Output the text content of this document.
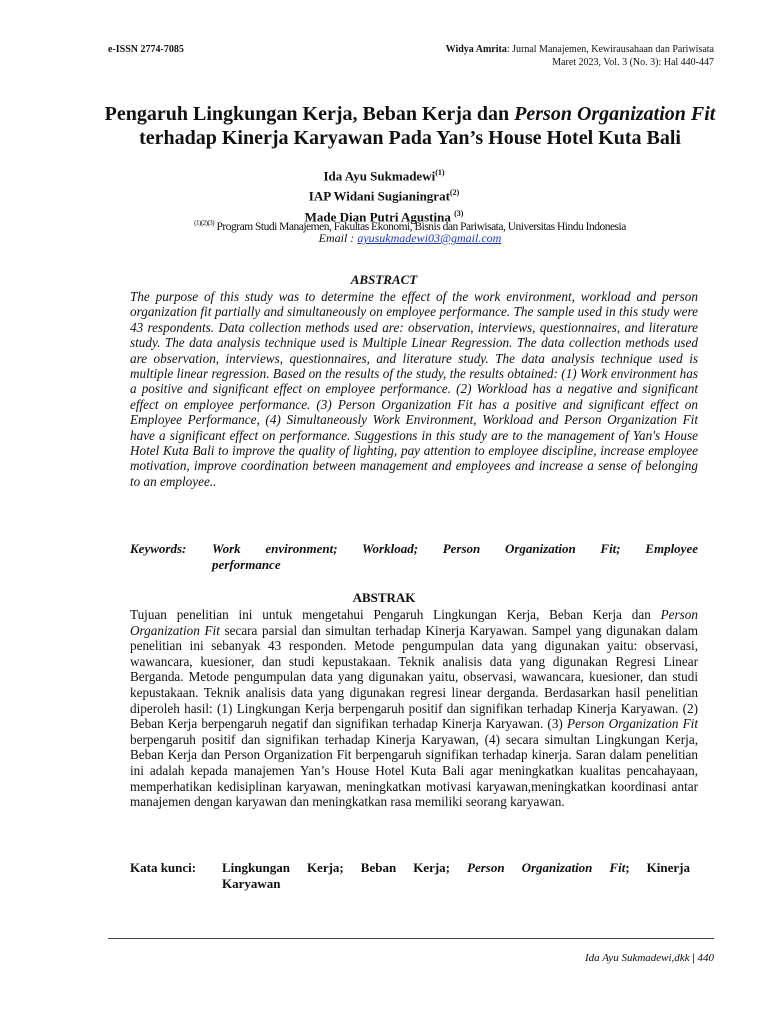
e-ISSN 2774-7085	Widya Amrita: Jurnal Manajemen, Kewirausahaan dan Pariwisata
Maret 2023, Vol. 3 (No. 3): Hal 440-447
Pengaruh Lingkungan Kerja, Beban Kerja dan Person Organization Fit terhadap Kinerja Karyawan Pada Yan’s House Hotel Kuta Bali
Ida Ayu Sukmadewi$^{(1)}$
IAP Widani Sugianingrat$^{(2)}$
Made Dian Putri Agustina $^{(3)}$
$^{(1)(2)(3)}$ Program Studi Manajemen, Fakultas Ekonomi, Bisnis dan Pariwisata, Universitas Hindu Indonesia
Email : ayusukmadewi03@gmail.com
ABSTRACT
The purpose of this study was to determine the effect of the work environment, workload and person organization fit partially and simultaneously on employee performance. The sample used in this study were 43 respondents. Data collection methods used are: observation, interviews, questionnaires, and literature study. The data analysis technique used is Multiple Linear Regression. The data collection methods used are observation, interviews, questionnaires, and literature study. The data analysis technique used is multiple linear regression. Based on the results of the study, the results obtained: (1) Work environment has a positive and significant effect on employee performance. (2) Workload has a negative and significant effect on employee performance. (3) Person Organization Fit has a positive and significant effect on Employee Performance, (4) Simultaneously Work Environment, Workload and Person Organization Fit have a significant effect on performance. Suggestions in this study are to the management of Yan's House Hotel Kuta Bali to improve the quality of lighting, pay attention to employee discipline, increase employee motivation, improve coordination between management and employees and increase a sense of belonging to an employee..
Keywords:	Work environment; Workload; Person Organization Fit; Employee
performance
ABSTRAK
Tujuan penelitian ini untuk mengetahui Pengaruh Lingkungan Kerja, Beban Kerja dan Person Organization Fit secara parsial dan simultan terhadap Kinerja Karyawan. Sampel yang digunakan dalam penelitian ini sebanyak 43 responden. Metode pengumpulan data yang digunakan yaitu: observasi, wawancara, kuesioner, dan studi kepustakaan. Teknik analisis data yang digunakan Regresi Linear Berganda. Metode pengumpulan data yang digunakan yaitu, observasi, wawancara, kuesioner, dan studi kepustakaan. Teknik analisis data yang digunakan regresi linear derganda. Berdasarkan hasil penelitian diperoleh hasil: (1) Lingkungan Kerja berpengaruh positif dan signifikan terhadap Kinerja Karyawan. (2) Beban Kerja berpengaruh negatif dan signifikan terhadap Kinerja Karyawan. (3) Person Organization Fit berpengaruh positif dan signifikan terhadap Kinerja Karyawan, (4) secara simultan Lingkungan Kerja, Beban Kerja dan Person Organization Fit berpengaruh signifikan terhadap kinerja. Saran dalam penelitian ini adalah kepada manajemen Yan’s House Hotel Kuta Bali agar meningkatkan kualitas pencahayaan, memperhatikan kedisiplinan karyawan, meningkatkan motivasi karyawan,meningkatkan koordinasi antar manajemen dengan karyawan dan meningkatkan rasa memiliki seorang karyawan.
Kata kunci:	Lingkungan Kerja; Beban Kerja; Person Organization Fit; Kinerja
Karyawan
Ida Ayu Sukmadewi,dkk | 440
